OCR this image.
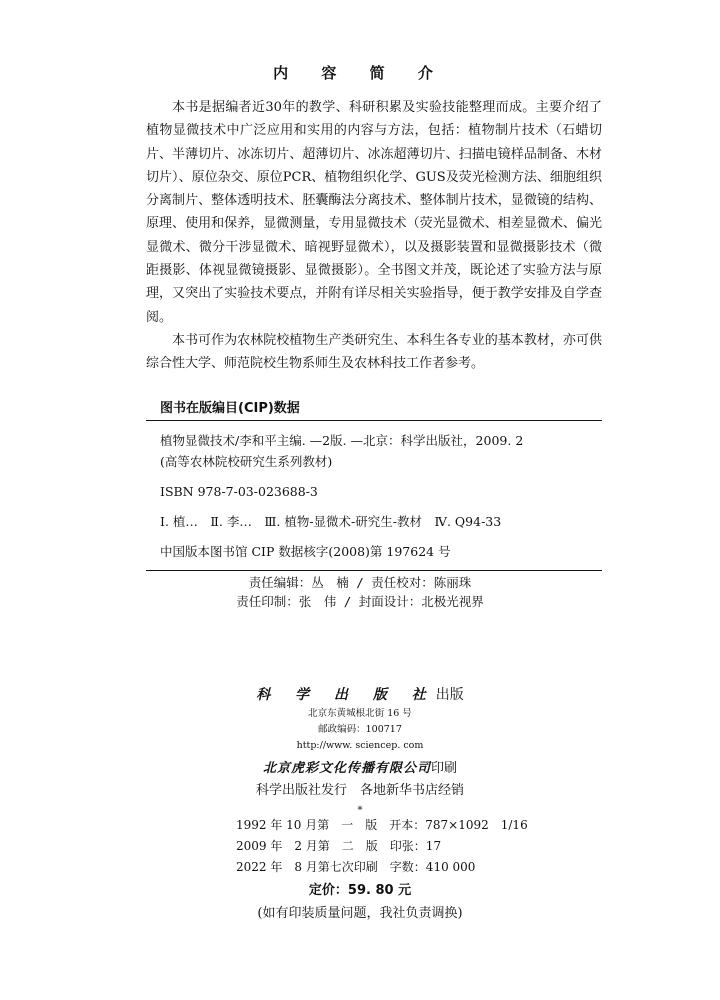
内 容 简 介

本书是据编者近30年的教学、科研积累及实验技能整理而成。主要介绍了植物显微技术中广泛应用和实用的内容与方法，包括：植物制片技术（石蜡切片、半薄切片、冰冻切片、超薄切片、冰冻超薄切片、扫描电镜样品制备、木材切片）、原位杂交、原位PCR、植物组织化学、GUS及荧光检测方法、细胞组织分离制片、整体透明技术、胚囊酶法分离技术、整体制片技术，显微镜的结构、原理、使用和保养，显微测量，专用显微技术（荧光显微术、相差显微术、偏光显微术、微分干涉显微术、暗视野显微术），以及摄影装置和显微摄影技术（微距摄影、体视显微镜摄影、显微摄影）。全书图文并茂，既论述了实验方法与原理，又突出了实验技术要点，并附有详尽相关实验指导，便于教学安排及自学查阅。

本书可作为农林院校植物生产类研究生、本科生各专业的基本教材，亦可供综合性大学、师范院校生物系师生及农林科技工作者参考。

图书在版编目(CIP)数据
植物显微技术/李和平主编. —2版. —北京：科学出版社，2009. 2
(高等农林院校研究生系列教材)
ISBN 978-7-03-023688-3
Ⅰ. 植…　Ⅱ. 李…　Ⅲ. 植物-显微术-研究生-教材　Ⅳ. Q94-33
中国版本图书馆 CIP 数据核字(2008)第 197624 号
责任编辑：丛　楠 / 责任校对：陈丽珠
责任印制：张　伟 / 封面设计：北极光视界
科 学 出 版 社出版
北京东黄城根北街 16 号
邮政编码：100717
http://www. sciencep. com
北京虎彩文化传播有限公司印刷
科学出版社发行　各地新华书店经销
*
1992 年 10 月第　一　版　开本：787×1092　1/16
2009 年　2 月第　二　版　印张：17
2022 年　8 月第七次印刷　字数：410 000
定价：59. 80 元
(如有印装质量问题，我社负责调换)
